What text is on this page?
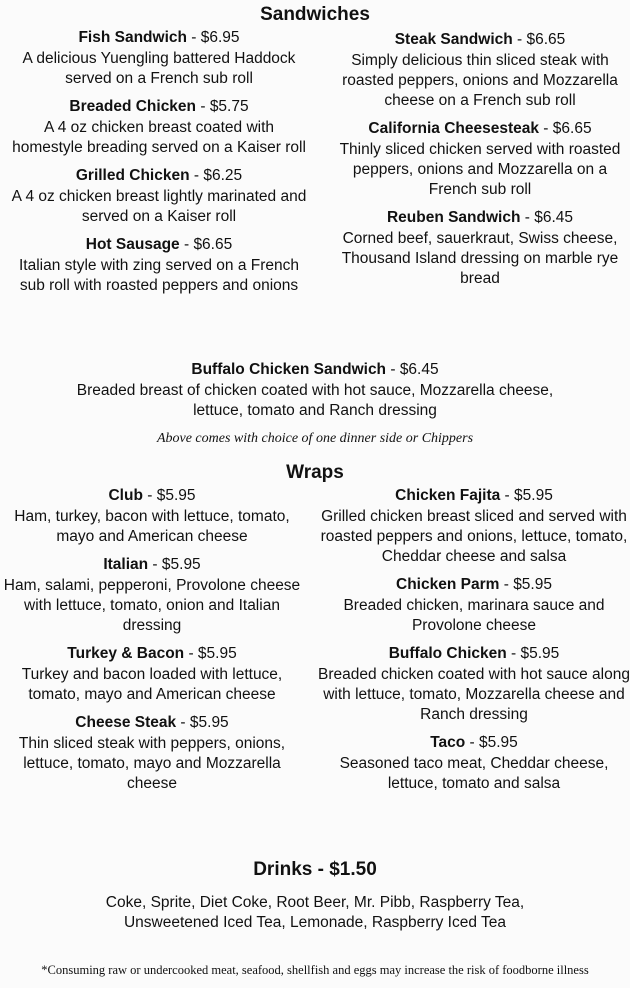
Sandwiches
Fish Sandwich - $6.95
A delicious Yuengling battered Haddock served on a French sub roll
Breaded Chicken - $5.75
A 4 oz chicken breast coated with homestyle breading served on a Kaiser roll
Grilled Chicken - $6.25
A 4 oz chicken breast lightly marinated and served on a Kaiser roll
Hot Sausage - $6.65
Italian style with zing served on a French sub roll with roasted peppers and onions
Steak Sandwich - $6.65
Simply delicious thin sliced steak with roasted peppers, onions and Mozzarella cheese on a French sub roll
California Cheesesteak - $6.65
Thinly sliced chicken served with roasted peppers, onions and Mozzarella on a French sub roll
Reuben Sandwich - $6.45
Corned beef, sauerkraut, Swiss cheese, Thousand Island dressing on marble rye bread
Buffalo Chicken Sandwich - $6.45
Breaded breast of chicken coated with hot sauce, Mozzarella cheese, lettuce, tomato and Ranch dressing
Above comes with choice of one dinner side or Chippers
Wraps
Club - $5.95
Ham, turkey, bacon with lettuce, tomato, mayo and American cheese
Italian - $5.95
Ham, salami, pepperoni, Provolone cheese with lettuce, tomato, onion and Italian dressing
Turkey & Bacon - $5.95
Turkey and bacon loaded with lettuce, tomato, mayo and American cheese
Cheese Steak - $5.95
Thin sliced steak with peppers, onions, lettuce, tomato, mayo and Mozzarella cheese
Chicken Fajita - $5.95
Grilled chicken breast sliced and served with roasted peppers and onions, lettuce, tomato, Cheddar cheese and salsa
Chicken Parm - $5.95
Breaded chicken, marinara sauce and Provolone cheese
Buffalo Chicken - $5.95
Breaded chicken coated with hot sauce along with lettuce, tomato, Mozzarella cheese and Ranch dressing
Taco - $5.95
Seasoned taco meat, Cheddar cheese, lettuce, tomato and salsa
Drinks - $1.50
Coke, Sprite, Diet Coke, Root Beer, Mr. Pibb, Raspberry Tea, Unsweetened Iced Tea, Lemonade, Raspberry Iced Tea
*Consuming raw or undercooked meat, seafood, shellfish and eggs may increase the risk of foodborne illness
